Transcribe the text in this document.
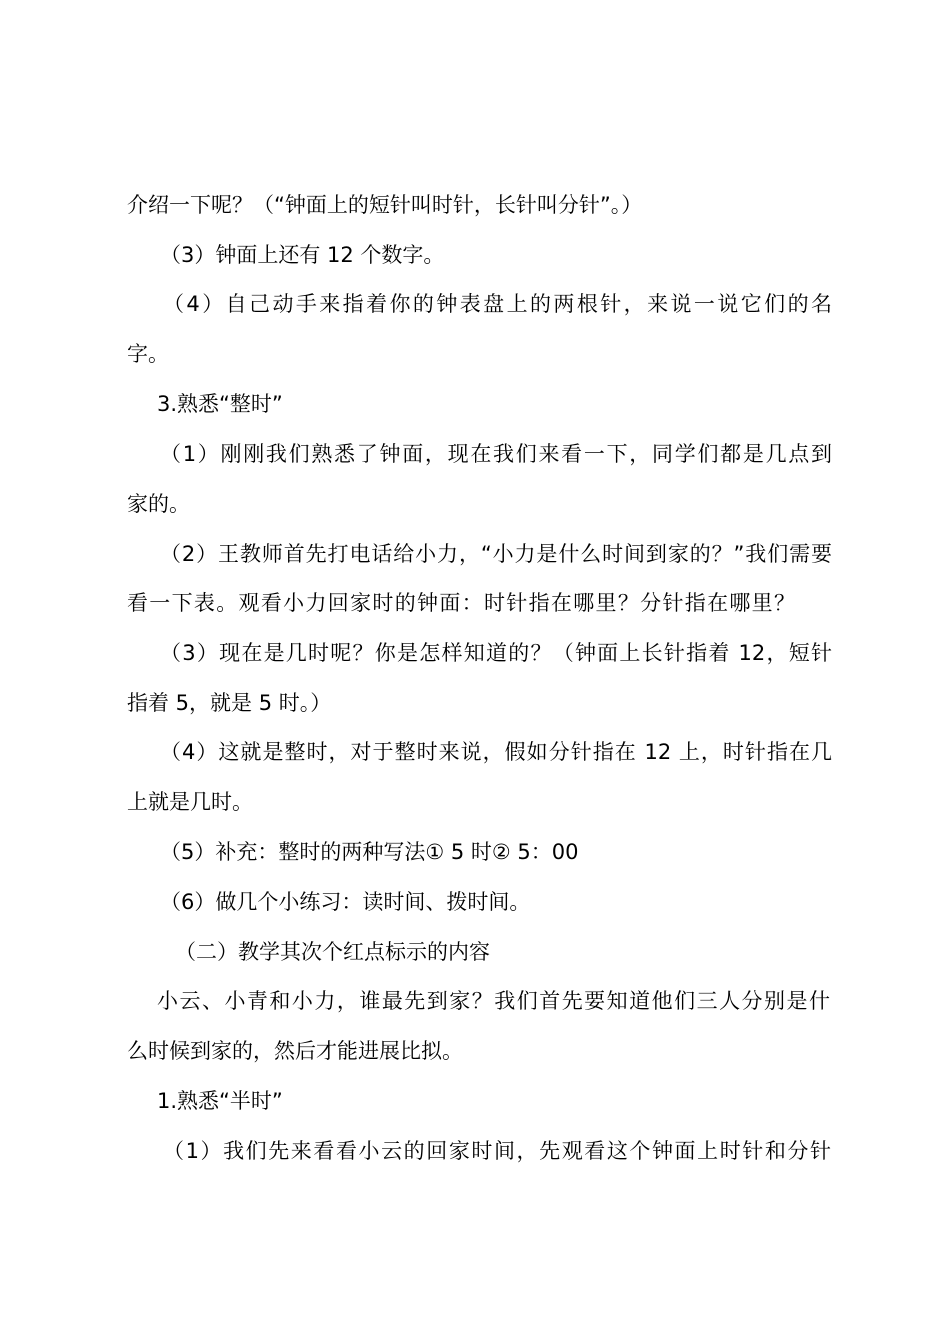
介绍一下呢？（“钟面上的短针叫时针，长针叫分针”。）

（3）钟面上还有 12 个数字。

（4）自己动手来指着你的钟表盘上的两根针，来说一说它们的名

字。

3.熟悉“整时”

（1）刚刚我们熟悉了钟面，现在我们来看一下，同学们都是几点到

家的。

（2）王教师首先打电话给小力，“小力是什么时间到家的？”我们需要

看一下表。观看小力回家时的钟面：时针指在哪里？分针指在哪里？

（3）现在是几时呢？你是怎样知道的？（钟面上长针指着 12，短针

指着 5，就是 5 时。）

（4）这就是整时，对于整时来说，假如分针指在 12 上，时针指在几

上就是几时。

（5）补充：整时的两种写法① 5 时② 5：00

（6）做几个小练习：读时间、拨时间。

（二）教学其次个红点标示的内容

小云、小青和小力，谁最先到家？我们首先要知道他们三人分别是什

么时候到家的，然后才能进展比拟。

1.熟悉“半时”

（1）我们先来看看小云的回家时间，先观看这个钟面上时针和分针
